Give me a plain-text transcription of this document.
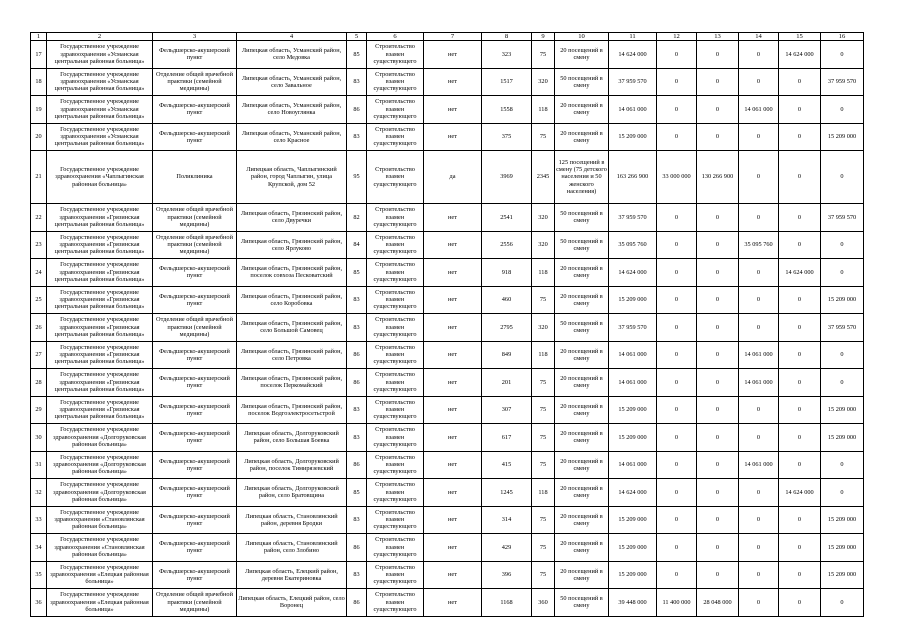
1	2	3	4	5	6	7	8	9	10	11	12	13	14	15	16
17	Государственное учреждение здравоохранения «Усманская центральная районная больница»	Фельдшерско-акушерский пункт	Липецкая область, Усманский район, село Медовка	85	Строительство взамен существующего	нет	323	75	20 посещений в смену	14 624 000	0	0	0	14 624 000	0
18	Государственное учреждение здравоохранения «Усманская центральная районная больница»	Отделение общей врачебной практики (семейной медицины)	Липецкая область, Усманский район, село Завальное	83	Строительство взамен существующего	нет	1517	320	50 посещений в смену	37 959 570	0	0	0	0	37 959 570
19	Государственное учреждение здравоохранения «Усманская центральная районная больница»	Фельдшерско-акушерский пункт	Липецкая область, Усманский район, село Новоуглянка	86	Строительство взамен существующего	нет	1558	118	20 посещений в смену	14 061 000	0	0	14 061 000	0	0
20	Государственное учреждение здравоохранения «Усманская центральная районная больница»	Фельдшерско-акушерский пункт	Липецкая область, Усманский район, село Красное	83	Строительство взамен существующего	нет	375	75	20 посещений в смену	15 209 000	0	0	0	0	15 209 000
21	Государственное учреждение здравоохранения «Чаплыгинская районная больница»	Поликлиника	Липецкая область, Чаплыгинский район, город Чаплыгин, улица Крупской, дом 52	95	Строительство взамен существующего	да	3969	2345	125 посещений в смену (75 детского населения и 50 женского населения)	163 266 900	33 000 000	130 266 900	0	0	0
22	Государственное учреждение здравоохранения «Грязинская центральная районная больница»	Отделение общей врачебной практики (семейной медицины)	Липецкая область, Грязинский район, село Двуречки	82	Строительство взамен существующего	нет	2541	320	50 посещений в смену	37 959 570	0	0	0	0	37 959 570
23	Государственное учреждение здравоохранения «Грязинская центральная районная больница»	Отделение общей врачебной практики (семейной медицины)	Липецкая область, Грязинский район, село Ярлуково	84	Строительство взамен существующего	нет	2556	320	50 посещений в смену	35 095 760	0	0	35 095 760	0	0
24	Государственное учреждение здравоохранения «Грязинская центральная районная больница»	Фельдшерско-акушерский пункт	Липецкая область, Грязинский район, поселок совхоза Песковатский	85	Строительство взамен существующего	нет	918	118	20 посещений в смену	14 624 000	0	0	0	14 624 000	0
25	Государственное учреждение здравоохранения «Грязинская центральная районная больница»	Фельдшерско-акушерский пункт	Липецкая область, Грязинский район, село Коробовка	83	Строительство взамен существующего	нет	460	75	20 посещений в смену	15 209 000	0	0	0	0	15 209 000
26	Государственное учреждение здравоохранения «Грязинская центральная районная больница»	Отделение общей врачебной практики (семейной медицины)	Липецкая область, Грязинский район, село Большой Самовец	83	Строительство взамен существующего	нет	2795	320	50 посещений в смену	37 959 570	0	0	0	0	37 959 570
27	Государственное учреждение здравоохранения «Грязинская центральная районная больница»	Фельдшерско-акушерский пункт	Липецкая область, Грязинский район, село Петровка	86	Строительство взамен существующего	нет	849	118	20 посещений в смену	14 061 000	0	0	14 061 000	0	0
28	Государственное учреждение здравоохранения «Грязинская центральная районная больница»	Фельдшерско-акушерский пункт	Липецкая область, Грязинский район, поселок Перкомайский	86	Строительство взамен существующего	нет	201	75	20 посещений в смену	14 061 000	0	0	14 061 000	0	0
29	Государственное учреждение здравоохранения «Грязинская центральная районная больница»	Фельдшерско-акушерский пункт	Липецкая область, Грязинский район, поселок Водгоэлектросетьстрой	83	Строительство взамен существующего	нет	307	75	20 посещений в смену	15 209 000	0	0	0	0	15 209 000
30	Государственное учреждение здравоохранения «Долгоруковская районная больница»	Фельдшерско-акушерский пункт	Липецкая область, Долгоруковский район, село Большая Боевка	83	Строительство взамен существующего	нет	617	75	20 посещений в смену	15 209 000	0	0	0	0	15 209 000
31	Государственное учреждение здравоохранения «Долгоруковская районная больница»	Фельдшерско-акушерский пункт	Липецкая область, Долгоруковский район, поселок Тимирязевский	86	Строительство взамен существующего	нет	415	75	20 посещений в смену	14 061 000	0	0	14 061 000	0	0
32	Государственное учреждение здравоохранения «Долгоруковская районная больница»	Фельдшерско-акушерский пункт	Липецкая область, Долгоруковский район, село Братовщина	85	Строительство взамен существующего	нет	1245	118	20 посещений в смену	14 624 000	0	0	0	14 624 000	0
33	Государственное учреждение здравоохранения «Становлянская районная больница»	Фельдшерско-акушерский пункт	Липецкая область, Становлянский район, деревня Бродки	83	Строительство взамен существующего	нет	314	75	20 посещений в смену	15 209 000	0	0	0	0	15 209 000
34	Государственное учреждение здравоохранения «Становлянская районная больница»	Фельдшерско-акушерский пункт	Липецкая область, Становлянский район, село Злобино	86	Строительство взамен существующего	нет	429	75	20 посещений в смену	15 209 000	0	0	0	0	15 209 000
35	Государственное учреждение здравоохранения «Елецкая районная больница»	Фельдшерско-акушерский пункт	Липецкая область, Елецкий район, деревня Екатериновка	83	Строительство взамен существующего	нет	396	75	20 посещений в смену	15 209 000	0	0	0	0	15 209 000
36	Государственное учреждение здравоохранения «Елецкая районная больница»	Отделение общей врачебной практики (семейной медицины)	Липецкая область, Елецкий район, село Воронец	86	Строительство взамен существующего	нет	1168	360	50 посещений в смену	39 448 000	11 400 000	28 048 000	0	0	0
